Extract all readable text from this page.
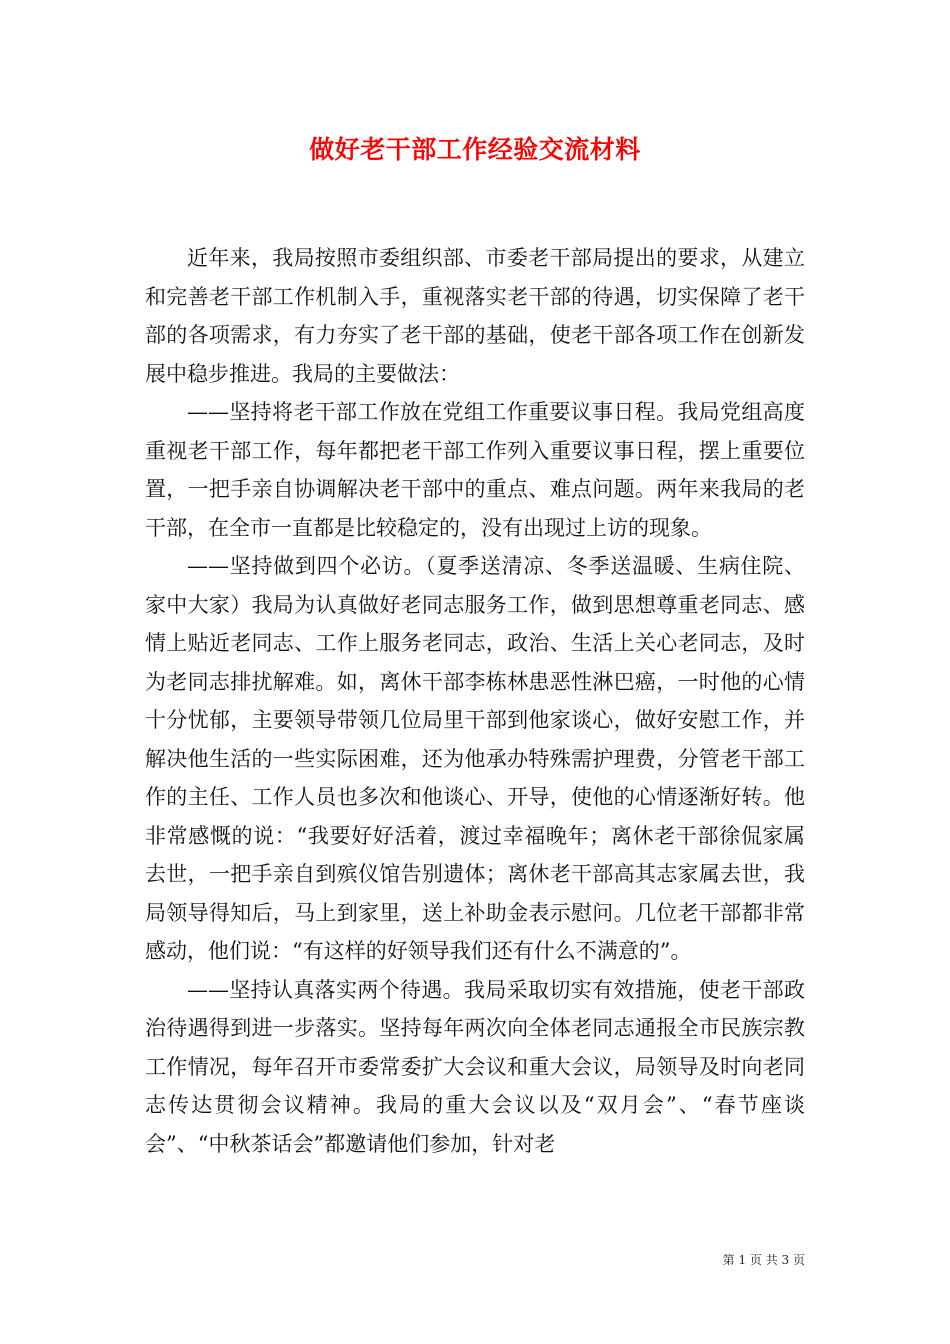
做好老干部工作经验交流材料

近年来，我局按照市委组织部、市委老干部局提出的要求，从建立和完善老干部工作机制入手，重视落实老干部的待遇，切实保障了老干部的各项需求，有力夯实了老干部的基础，使老干部各项工作在创新发展中稳步推进。我局的主要做法：

——坚持将老干部工作放在党组工作重要议事日程。我局党组高度重视老干部工作，每年都把老干部工作列入重要议事日程，摆上重要位置，一把手亲自协调解决老干部中的重点、难点问题。两年来我局的老干部，在全市一直都是比较稳定的，没有出现过上访的现象。

——坚持做到四个必访。（夏季送清凉、冬季送温暖、生病住院、家中大家）我局为认真做好老同志服务工作，做到思想尊重老同志、感情上贴近老同志、工作上服务老同志，政治、生活上关心老同志，及时为老同志排扰解难。如，离休干部李栋林患恶性淋巴癌，一时他的心情十分忧郁，主要领导带领几位局里干部到他家谈心，做好安慰工作，并解决他生活的一些实际困难，还为他承办特殊需护理费，分管老干部工作的主任、工作人员也多次和他谈心、开导，使他的心情逐渐好转。他非常感慨的说：“我要好好活着，渡过幸福晚年；离休老干部徐侃家属去世，一把手亲自到殡仪馆告别遗体；离休老干部高其志家属去世，我局领导得知后，马上到家里，送上补助金表示慰问。几位老干部都非常感动，他们说：“有这样的好领导我们还有什么不满意的”。

——坚持认真落实两个待遇。我局采取切实有效措施，使老干部政治待遇得到进一步落实。坚持每年两次向全体老同志通报全市民族宗教工作情况，每年召开市委常委扩大会议和重大会议，局领导及时向老同志传达贯彻会议精神。我局的重大会议以及“双月会”、“春节座谈会”、“中秋茶话会”都邀请他们参加，针对老

第 1 页 共 3 页
